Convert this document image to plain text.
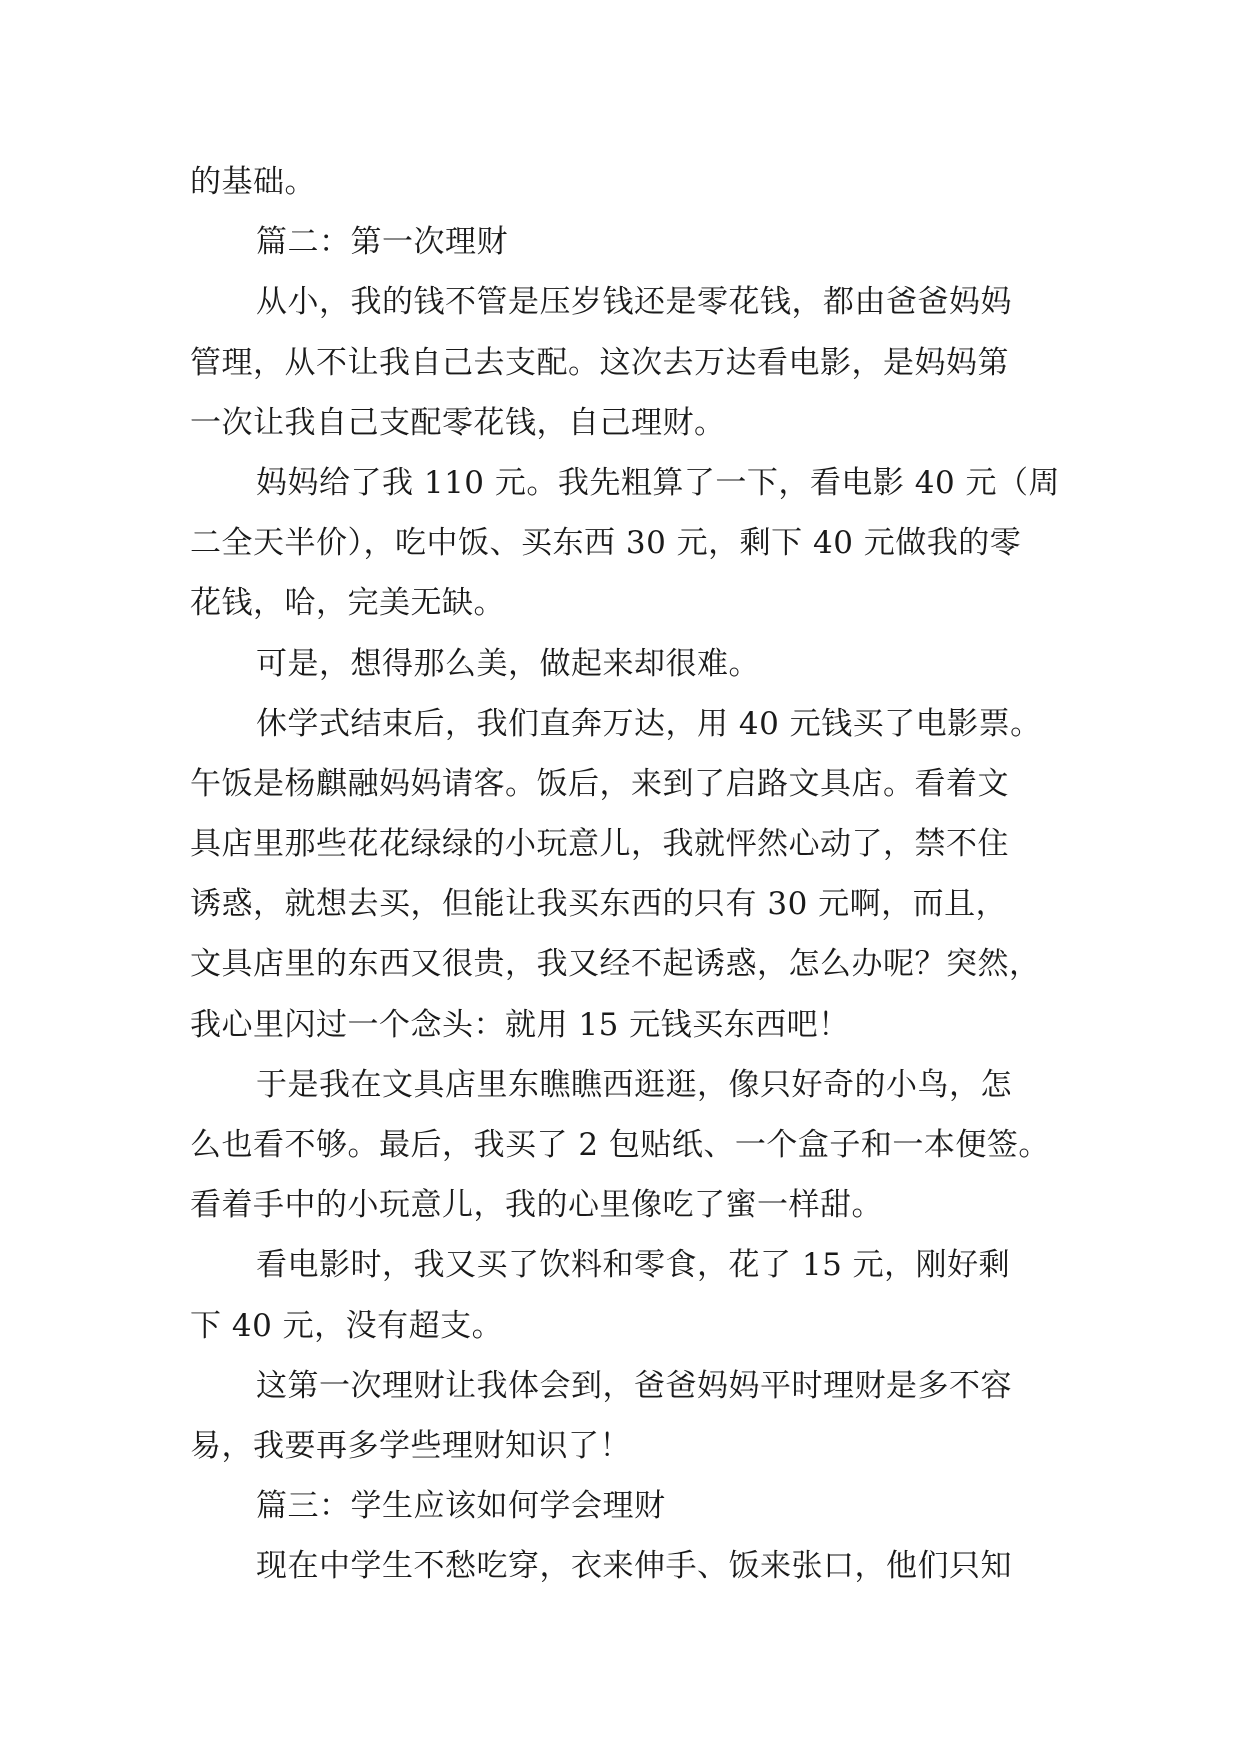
的基础。
篇二：第一次理财
从小，我的钱不管是压岁钱还是零花钱，都由爸爸妈妈
管理，从不让我自己去支配。这次去万达看电影，是妈妈第
一次让我自己支配零花钱，自己理财。
妈妈给了我 110 元。我先粗算了一下，看电影 40 元（周
二全天半价），吃中饭、买东西 30 元，剩下 40 元做我的零
花钱，哈，完美无缺。
可是，想得那么美，做起来却很难。
休学式结束后，我们直奔万达，用 40 元钱买了电影票。
午饭是杨麒融妈妈请客。饭后，来到了启路文具店。看着文
具店里那些花花绿绿的小玩意儿，我就怦然心动了，禁不住
诱惑，就想去买，但能让我买东西的只有 30 元啊，而且，
文具店里的东西又很贵，我又经不起诱惑，怎么办呢？突然，
我心里闪过一个念头：就用 15 元钱买东西吧！
于是我在文具店里东瞧瞧西逛逛，像只好奇的小鸟，怎
么也看不够。最后，我买了 2 包贴纸、一个盒子和一本便签。
看着手中的小玩意儿，我的心里像吃了蜜一样甜。
看电影时，我又买了饮料和零食，花了 15 元，刚好剩
下 40 元，没有超支。
这第一次理财让我体会到，爸爸妈妈平时理财是多不容
易，我要再多学些理财知识了！
篇三：学生应该如何学会理财
现在中学生不愁吃穿，衣来伸手、饭来张口，他们只知
